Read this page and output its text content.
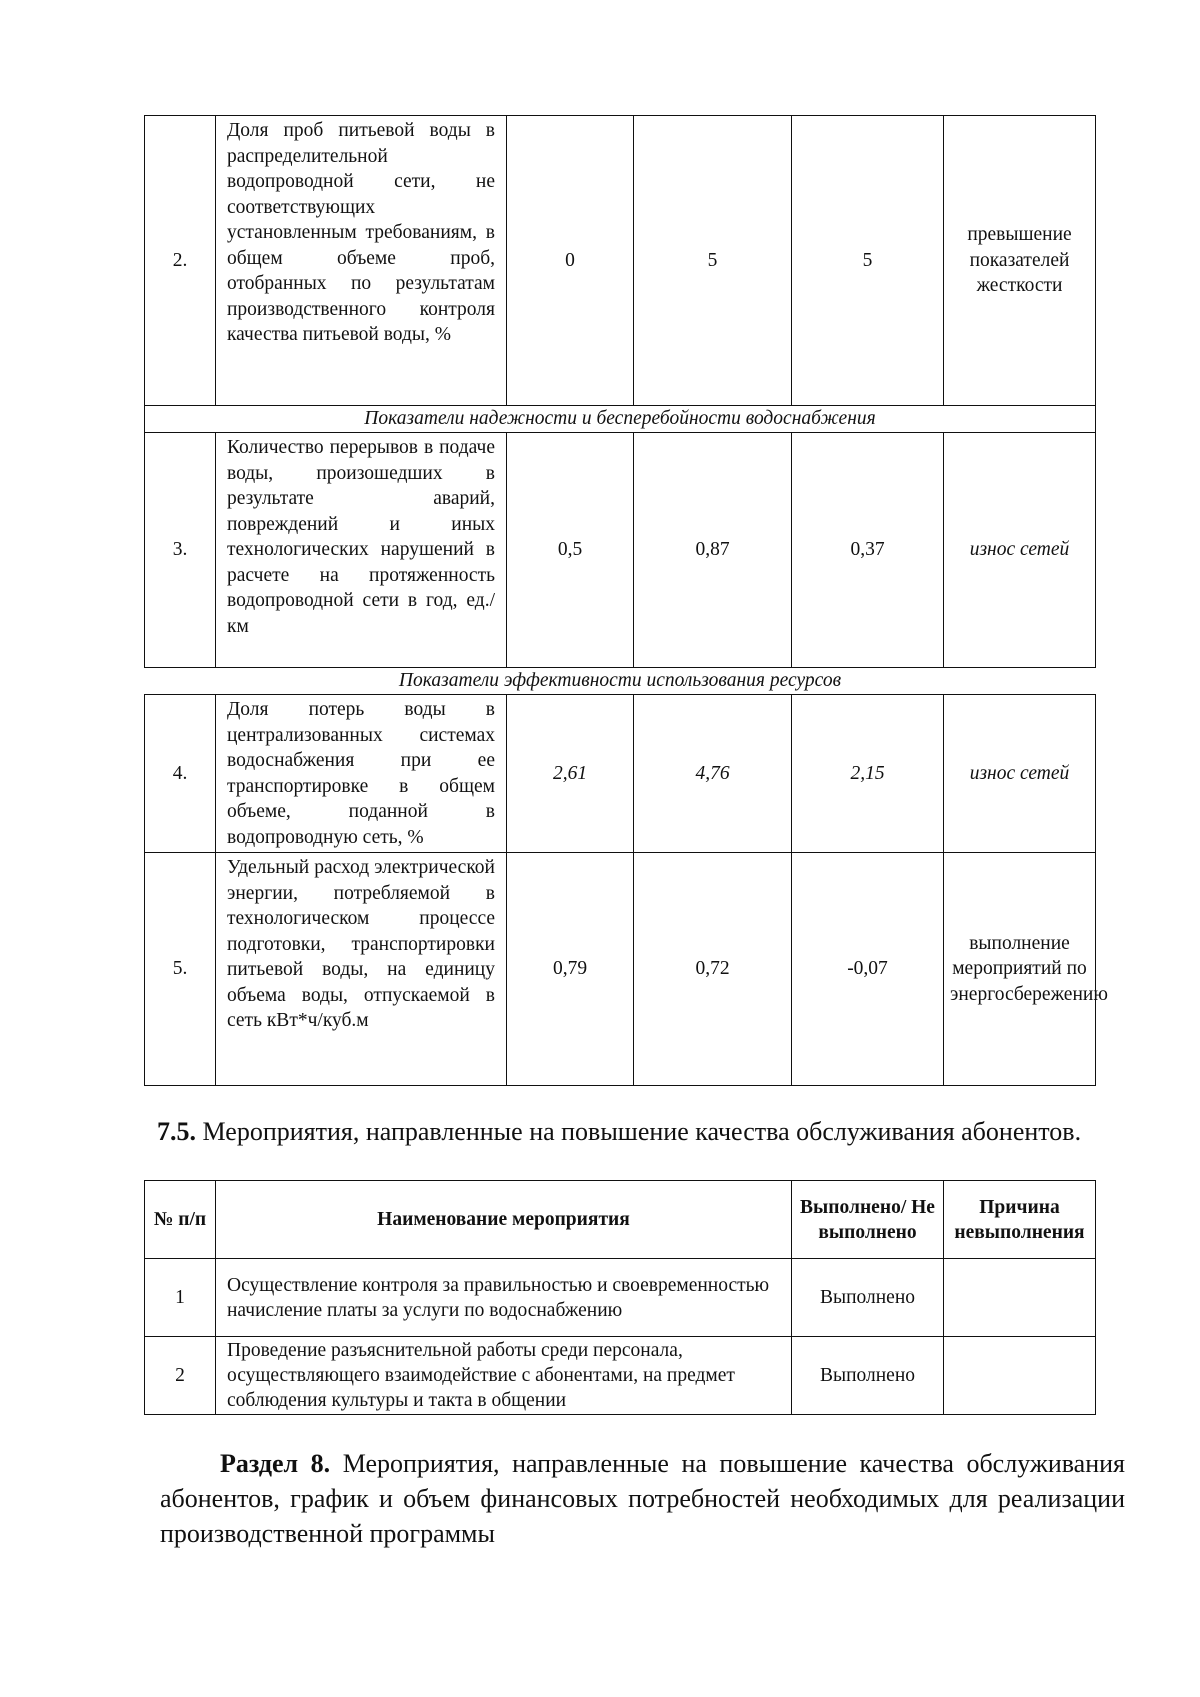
2.	Доля проб питьевой воды в распределительной водопроводной сети, не соответствующих установленным требованиям, в общем объеме проб, отобранных по результатам производственного контроля качества питьевой воды, %	0	5	5	превышение показателей жесткости
Показатели надежности и бесперебойности водоснабжения					
3.	Количество перерывов в подаче воды, произошедших в результате аварий, повреждений и иных технологических нарушений в расчете на протяженность водопроводной сети в год, ед./км	0,5	0,87	0,37	износ сетей
Показатели эффективности использования ресурсов					
4.	Доля потерь воды в централизованных системах водоснабжения при ее транспортировке в общем объеме, поданной в водопроводную сеть, %	2,61	4,76	2,15	износ сетей
5.	Удельный расход электрической энергии, потребляемой в технологическом процессе подготовки, транспортировки питьевой воды, на единицу объема воды, отпускаемой в сеть кВт*ч/куб.м	0,79	0,72	-0,07	выполнение мероприятий по энергосбережению
7.5. Мероприятия, направленные на повышение качества обслуживания абонентов.
№ п/п	Наименование мероприятия	Выполнено/ Не выполнено	Причина невыполнения
1	Осуществление контроля за правильностью и своевременностью начисление платы за услуги по водоснабжению	Выполнено	
2	Проведение разъяснительной работы среди персонала, осуществляющего взаимодействие с абонентами, на предмет соблюдения культуры и такта в общении	Выполнено	
Раздел 8. Мероприятия, направленные на повышение качества обслуживания абонентов, график и объем финансовых потребностей необходимых для реализации производственной программы
